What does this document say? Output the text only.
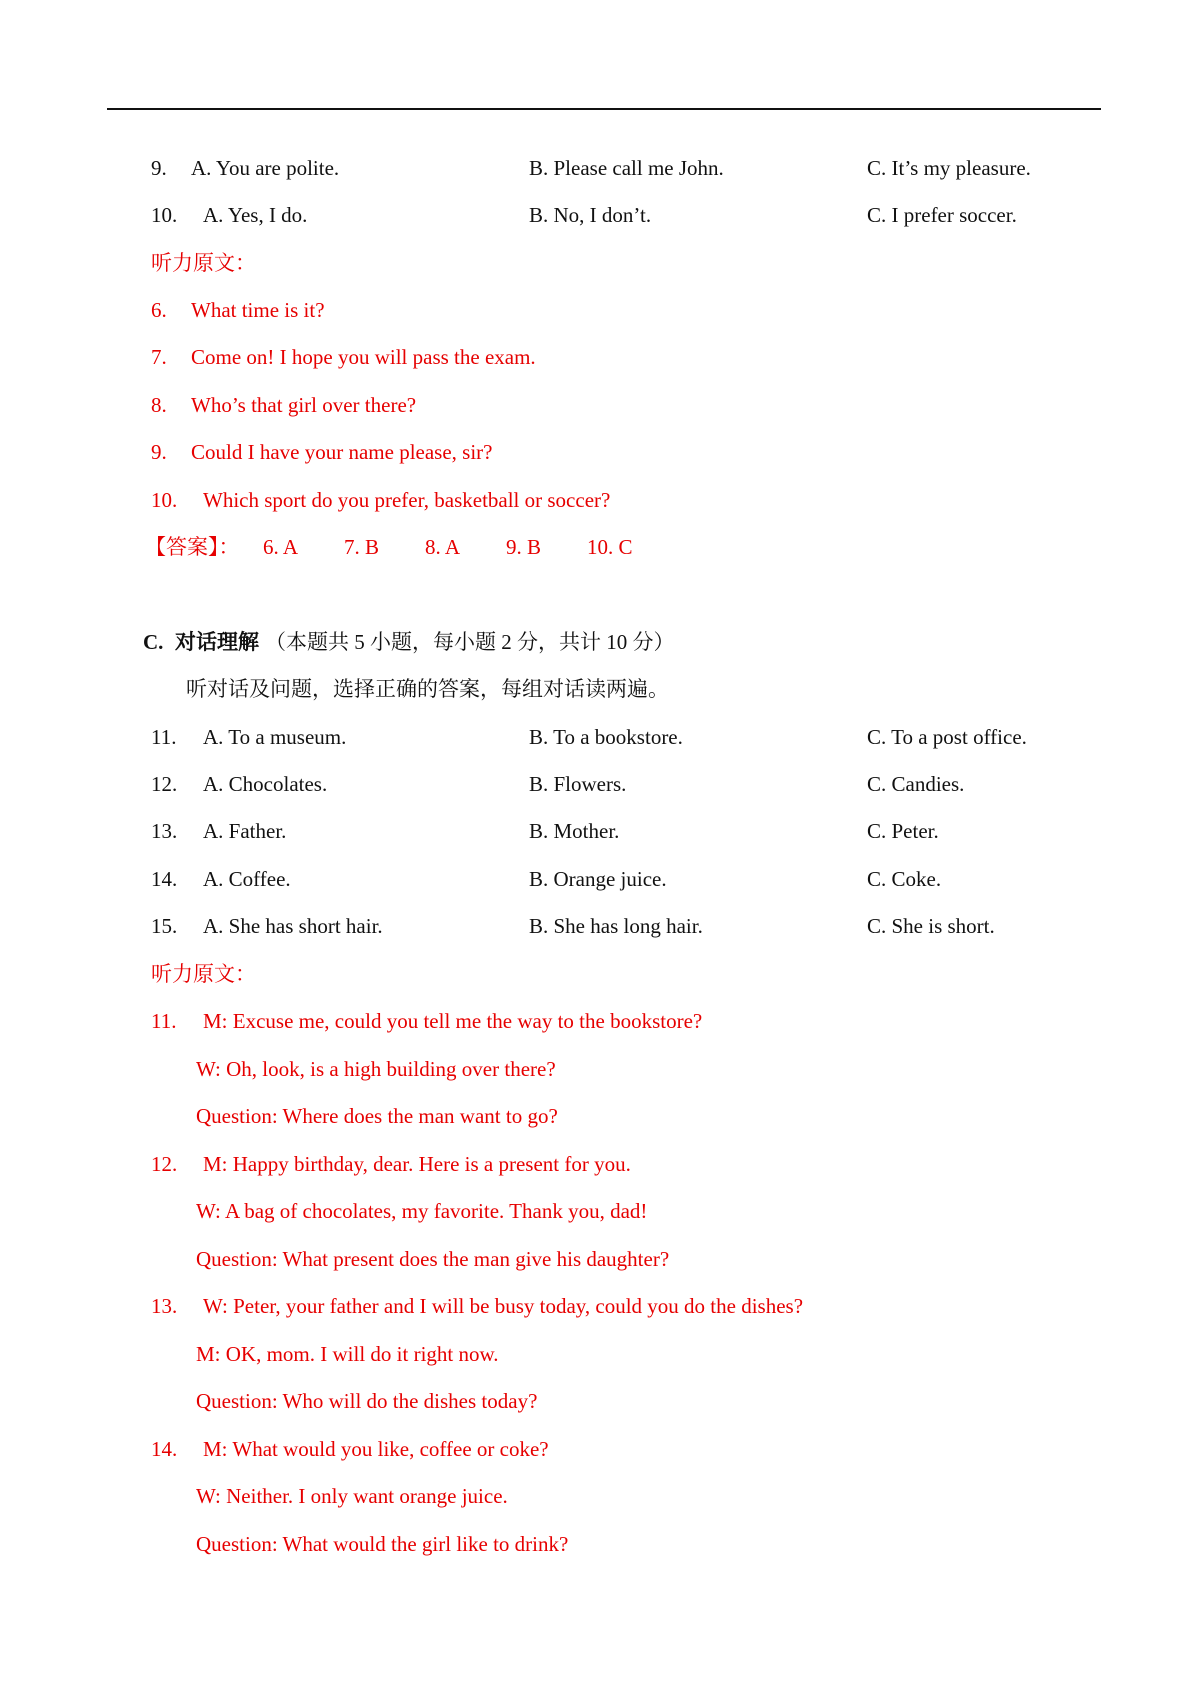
9. A. You are polite.	B. Please call me John.	C. It’s my pleasure.
10. A. Yes, I do.	B. No, I don’t.	C. I prefer soccer.
听力原文：
6. What time is it?
7. Come on! I hope you will pass the exam.
8. Who’s that girl over there?
9. Could I have your name please, sir?
10. Which sport do you prefer, basketball or soccer?
【答案】： 6. A 7. B 8. A 9. B 10. C
C. 对话理解 （本题共 5 小题，每小题 2 分，共计 10 分）
听对话及问题，选择正确的答案，每组对话读两遍。
11. A. To a museum.	B. To a bookstore.	C. To a post office.
12. A. Chocolates.	B. Flowers.	C. Candies.
13. A. Father.	B. Mother.	C. Peter.
14. A. Coffee.	B. Orange juice.	C. Coke.
15. A. She has short hair.	B. She has long hair.	C. She is short.
听力原文：
11. M: Excuse me, could you tell me the way to the bookstore?
W: Oh, look, is a high building over there?
Question: Where does the man want to go?
12. M: Happy birthday, dear. Here is a present for you.
W: A bag of chocolates, my favorite. Thank you, dad!
Question: What present does the man give his daughter?
13. W: Peter, your father and I will be busy today, could you do the dishes?
M: OK, mom. I will do it right now.
Question: Who will do the dishes today?
14. M: What would you like, coffee or coke?
W: Neither. I only want orange juice.
Question: What would the girl like to drink?
